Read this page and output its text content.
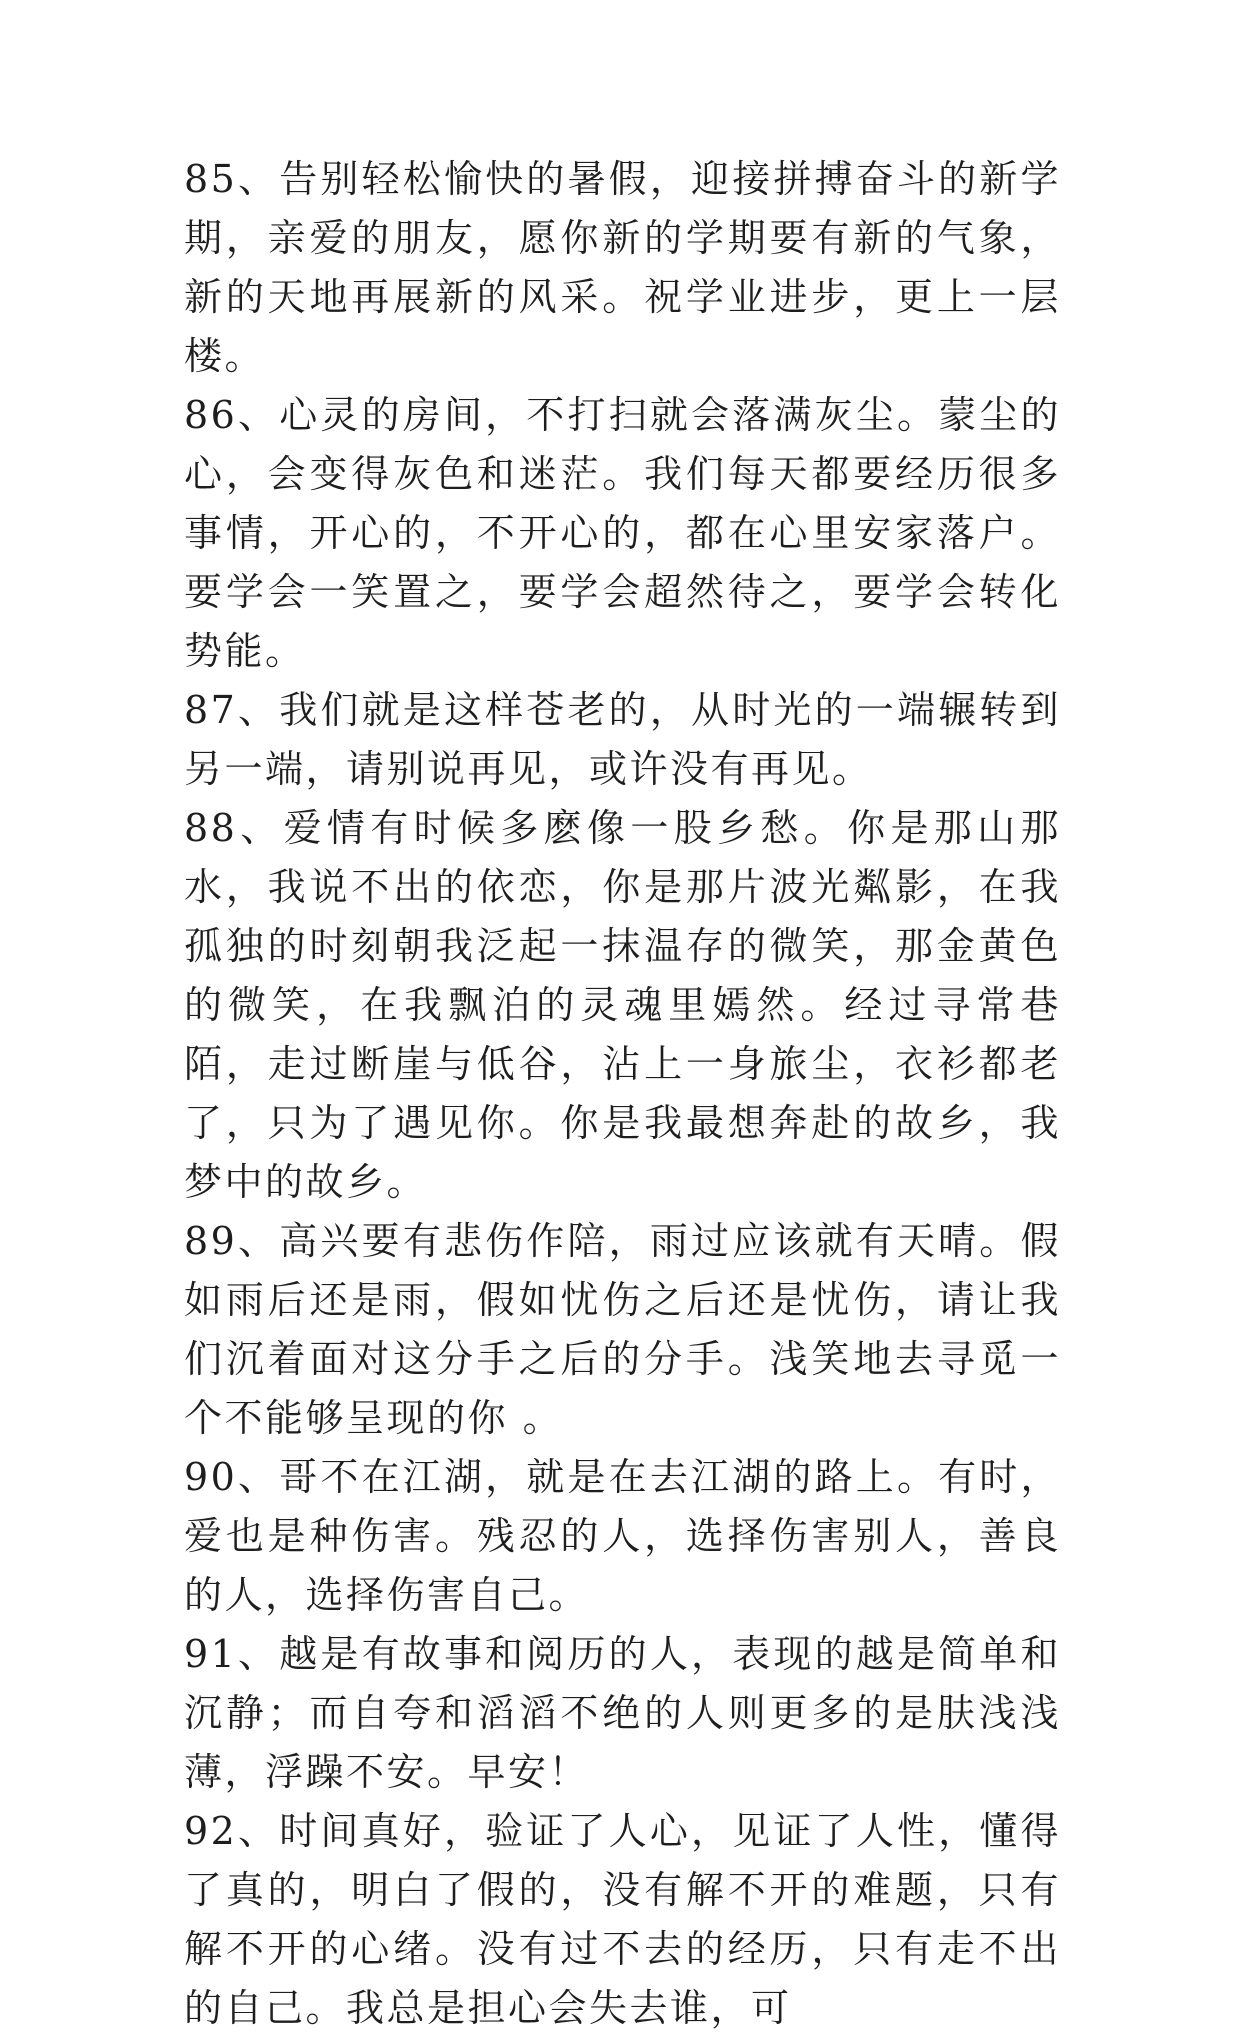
85、告别轻松愉快的暑假，迎接拼搏奋斗的新学期，亲爱的朋友，愿你新的学期要有新的气象，新的天地再展新的风采。祝学业进步，更上一层楼。

86、心灵的房间，不打扫就会落满灰尘。蒙尘的心，会变得灰色和迷茫。我们每天都要经历很多事情，开心的，不开心的，都在心里安家落户。要学会一笑置之，要学会超然待之，要学会转化势能。

87、我们就是这样苍老的，从时光的一端辗转到另一端，请别说再见，或许没有再见。

88、爱情有时候多麽像一股乡愁。你是那山那水，我说不出的依恋，你是那片波光粼影，在我孤独的时刻朝我泛起一抹温存的微笑，那金黄色的微笑，在我飘泊的灵魂里嫣然。经过寻常巷陌，走过断崖与低谷，沾上一身旅尘，衣衫都老了，只为了遇见你。你是我最想奔赴的故乡，我梦中的故乡。

89、高兴要有悲伤作陪，雨过应该就有天晴。假如雨后还是雨，假如忧伤之后还是忧伤，请让我们沉着面对这分手之后的分手。浅笑地去寻觅一个不能够呈现的你 。

90、哥不在江湖，就是在去江湖的路上。有时，爱也是种伤害。残忍的人，选择伤害别人，善良的人，选择伤害自己。

91、越是有故事和阅历的人，表现的越是简单和沉静；而自夸和滔滔不绝的人则更多的是肤浅浅薄，浮躁不安。早安！

92、时间真好，验证了人心，见证了人性，懂得了真的，明白了假的，没有解不开的难题，只有解不开的心绪。没有过不去的经历，只有走不出的自己。我总是担心会失去谁，可
